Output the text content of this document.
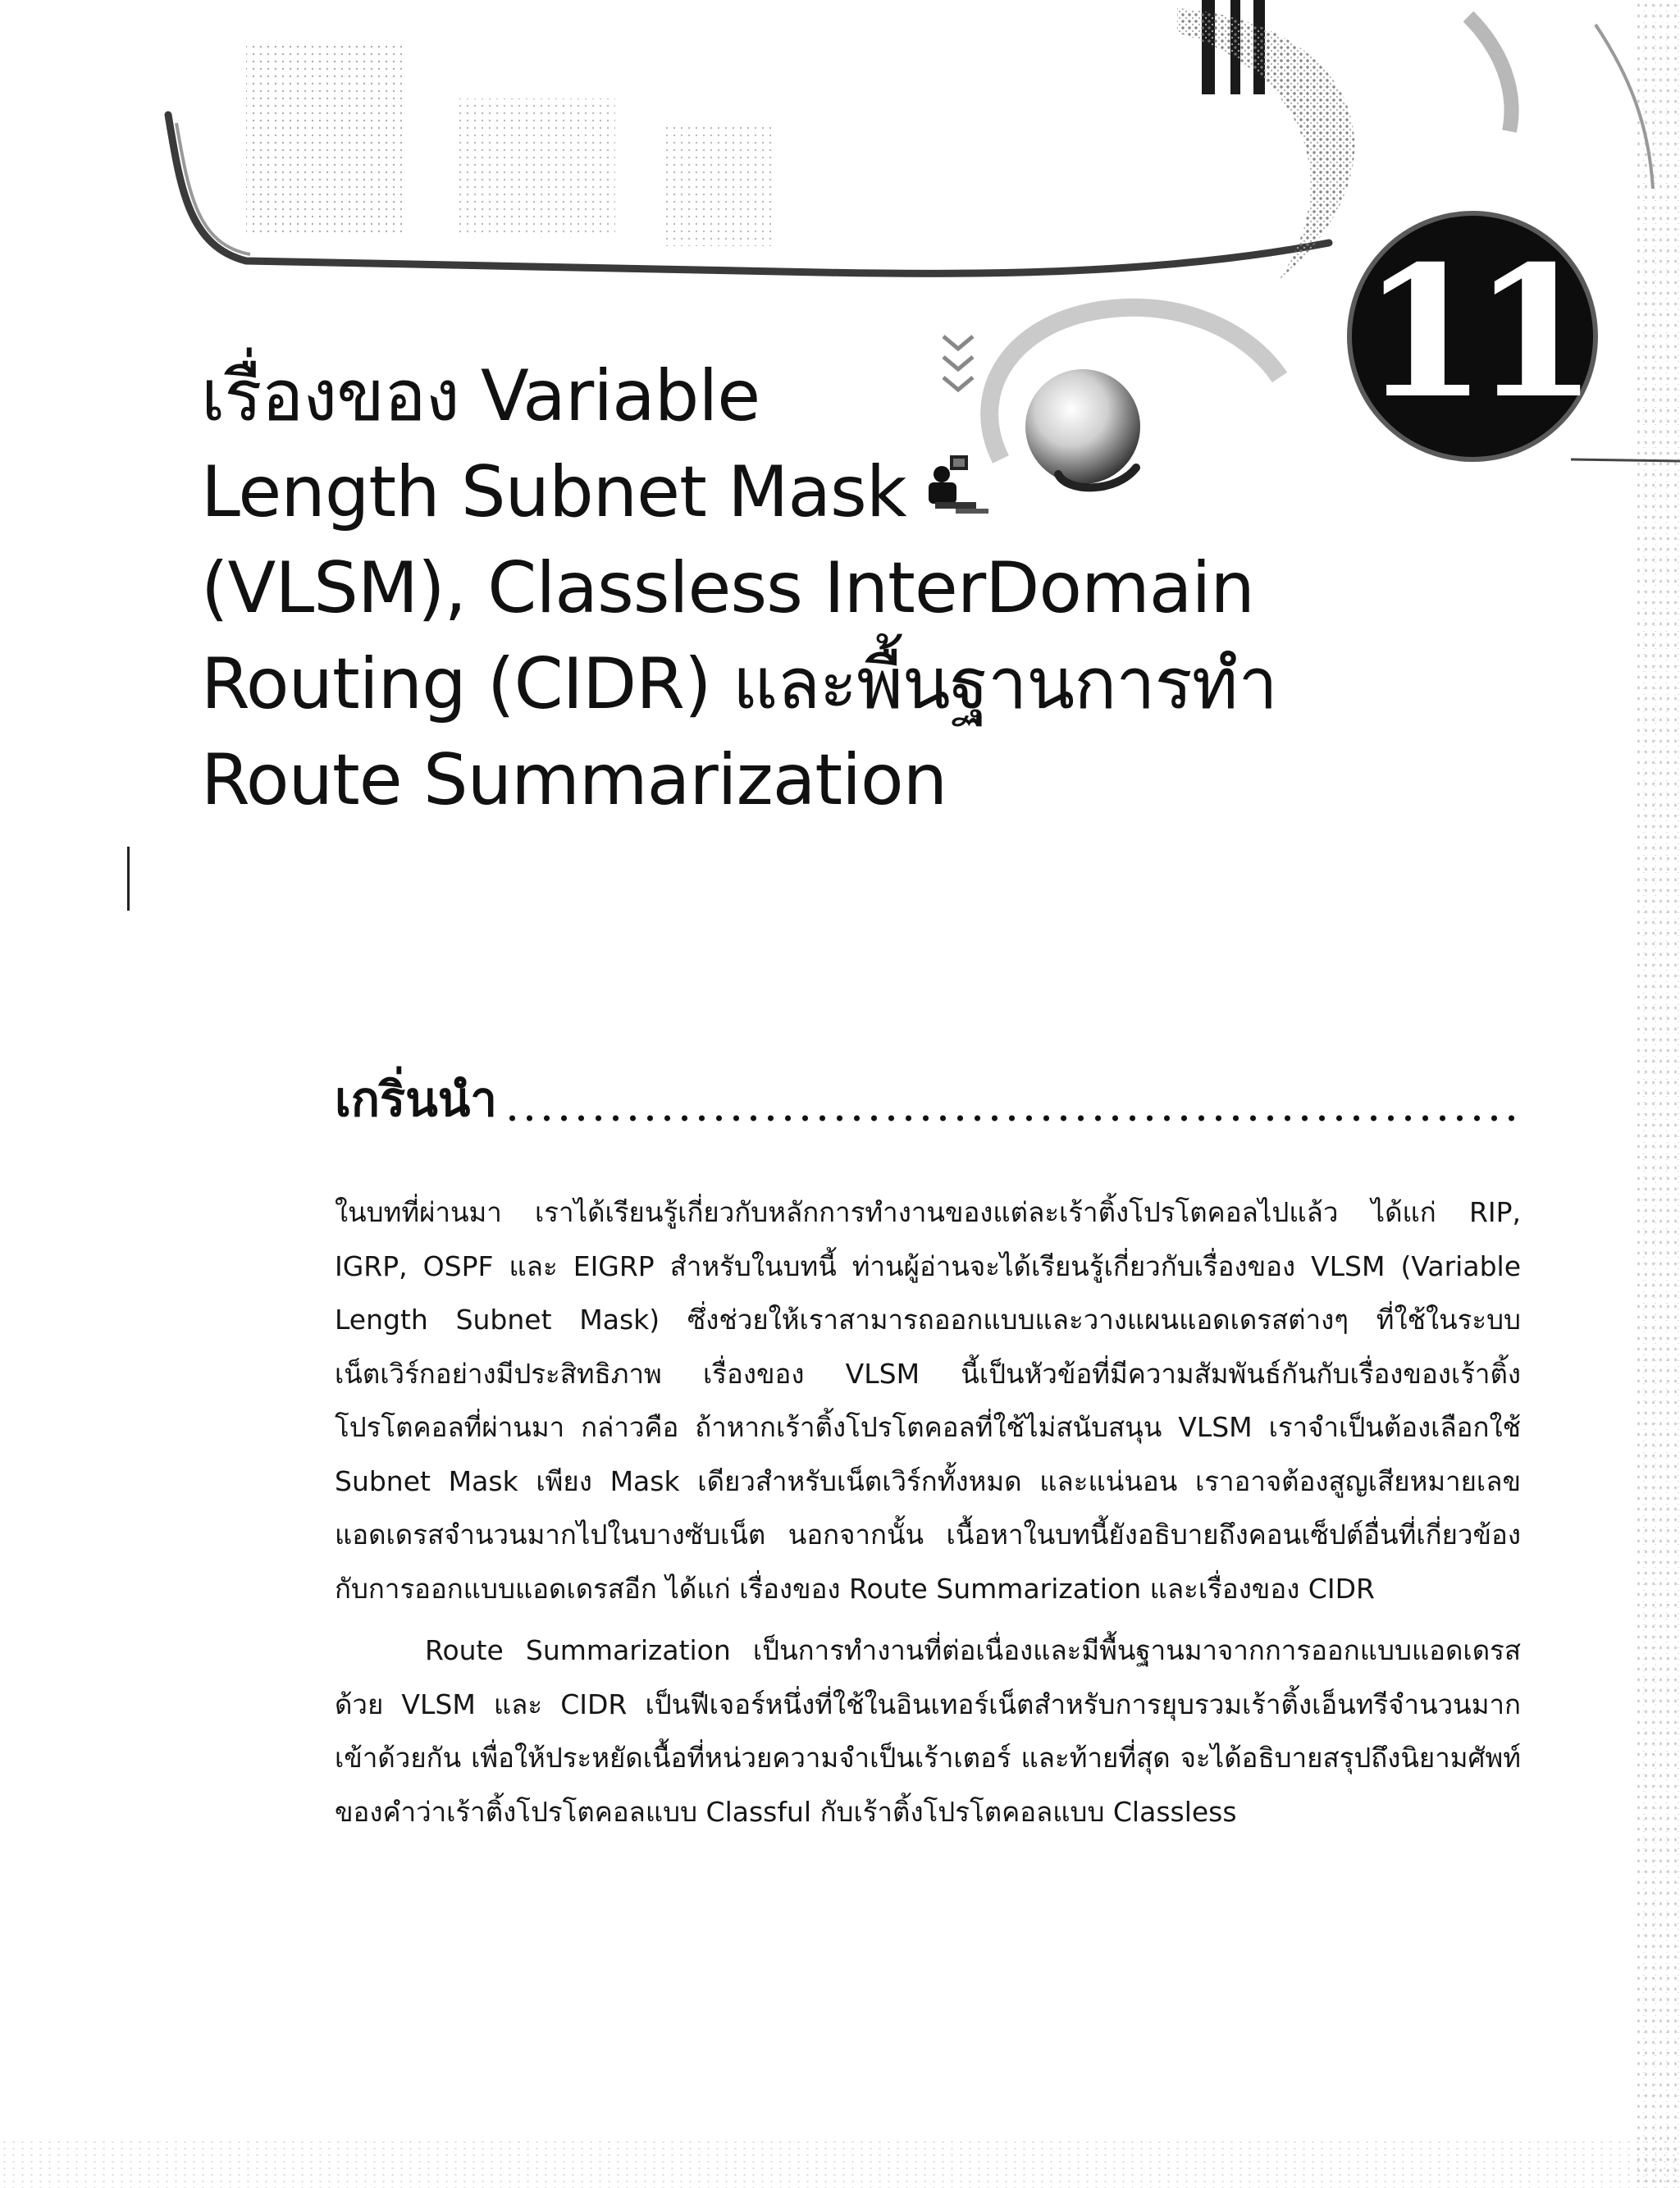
11
เรื่องของ Variable
Length Subnet Mask
(VLSM), Classless InterDomain
Routing (CIDR) และพื้นฐานการทำ
Route Summarization
เกริ่นนำ

ในบทที่ผ่านมา เราได้เรียนรู้เกี่ยวกับหลักการทำงานของแต่ละเร้าติ้งโปรโตคอลไปแล้ว ได้แก่ RIP, IGRP, OSPF และ EIGRP สำหรับในบทนี้ ท่านผู้อ่านจะได้เรียนรู้เกี่ยวกับเรื่องของ VLSM (Variable Length Subnet Mask) ซึ่งช่วยให้เราสามารถออกแบบและวางแผนแอดเดรสต่างๆ ที่ใช้ในระบบเน็ตเวิร์กอย่างมีประสิทธิภาพ เรื่องของ VLSM นี้เป็นหัวข้อที่มีความสัมพันธ์กันกับเรื่องของเร้าติ้งโปรโตคอลที่ผ่านมา กล่าวคือ ถ้าหากเร้าติ้งโปรโตคอลที่ใช้ไม่สนับสนุน VLSM เราจำเป็นต้องเลือกใช้ Subnet Mask เพียง Mask เดียวสำหรับเน็ตเวิร์กทั้งหมด และแน่นอน เราอาจต้องสูญเสียหมายเลขแอดเดรสจำนวนมากไปในบางซับเน็ต นอกจากนั้น เนื้อหาในบทนี้ยังอธิบายถึงคอนเซ็ปต์อื่นที่เกี่ยวข้องกับการออกแบบแอดเดรสอีก ได้แก่ เรื่องของ Route Summarization และเรื่องของ CIDR

Route Summarization เป็นการทำงานที่ต่อเนื่องและมีพื้นฐานมาจากการออกแบบแอดเดรสด้วย VLSM และ CIDR เป็นฟีเจอร์หนึ่งที่ใช้ในอินเทอร์เน็ตสำหรับการยุบรวมเร้าติ้งเอ็นทรีจำนวนมากเข้าด้วยกัน เพื่อให้ประหยัดเนื้อที่หน่วยความจำเป็นเร้าเตอร์ และท้ายที่สุด จะได้อธิบายสรุปถึงนิยามศัพท์ของคำว่าเร้าติ้งโปรโตคอลแบบ Classful กับเร้าติ้งโปรโตคอลแบบ Classless
